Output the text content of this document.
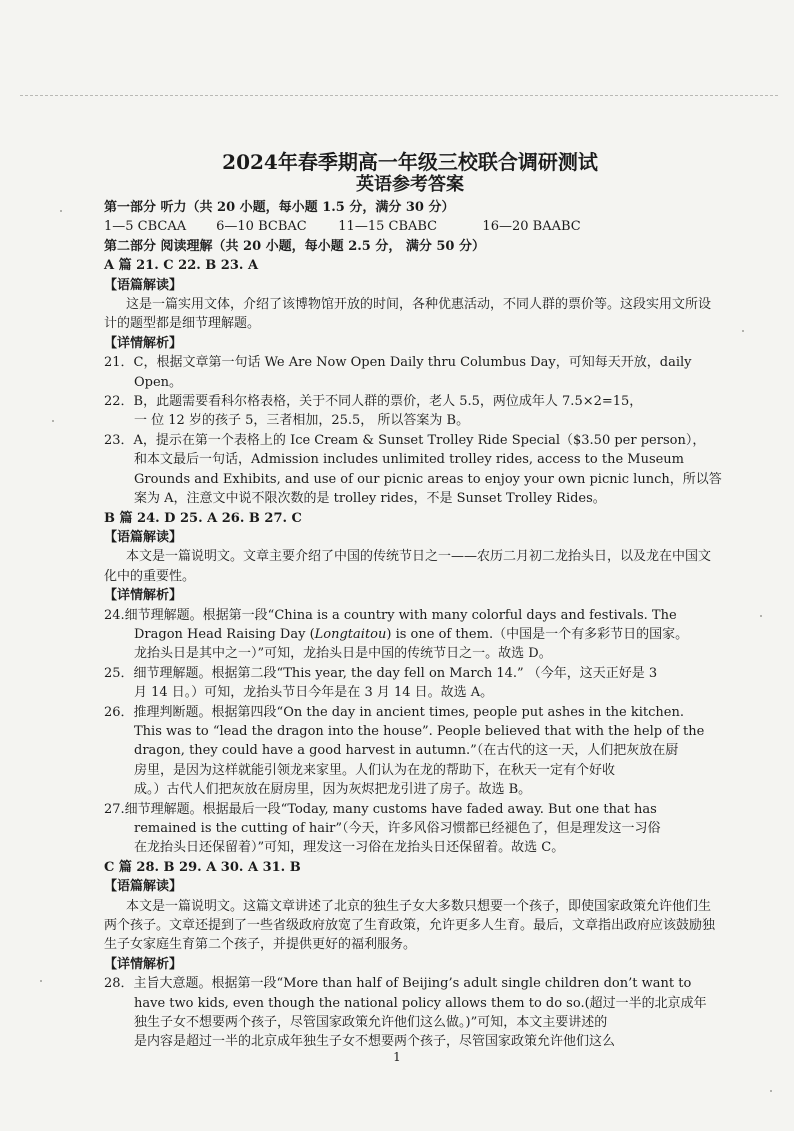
2024年春季期高一年级三校联合调研测试

英语参考答案

第一部分 听力（共 20 小题，每小题 1.5 分，满分 30 分）
1—5 CBCAA 6—10 BCBAC 11—15 CBABC	16—20 BAABC
第二部分 阅读理解（共 20 小题，每小题 2.5 分， 满分 50 分）
A 篇 21. C 22. B 23. A
【语篇解读】
这是一篇实用文体，介绍了该博物馆开放的时间，各种优惠活动，不同人群的票价等。这段实用文所设计的题型都是细节理解题。
【详情解析】
21．C，根据文章第一句话 We Are Now Open Daily thru Columbus Day，可知每天开放，daily
Open。
22．B，此题需要看科尔格表格，关于不同人群的票价，老人 5.5，两位成年人 7.5×2=15，
一 位 12 岁的孩子 5，三者相加，25.5， 所以答案为 B。
23．A，提示在第一个表格上的 Ice Cream & Sunset Trolley Ride Special（$3.50 per person），
和本文最后一句话，Admission includes unlimited trolley rides, access to the Museum
Grounds and Exhibits, and use of our picnic areas to enjoy your own picnic lunch，所以答
案为 A，注意文中说不限次数的是 trolley rides，不是 Sunset Trolley Rides。
B 篇 24. D 25. A 26. B 27. C
【语篇解读】
本文是一篇说明文。文章主要介绍了中国的传统节日之一——农历二月初二龙抬头日，以及龙在中国文化中的重要性。
【详情解析】
24.细节理解题。根据第一段“China is a country with many colorful days and festivals. The
Dragon Head Raising Day (Longtaitou) is one of them.（中国是一个有多彩节日的国家。
龙抬头日是其中之一）”可知，龙抬头日是中国的传统节日之一。故选 D。
25．细节理解题。根据第二段“This year, the day fell on March 14.” （今年，这天正好是 3
月 14 日。）可知，龙抬头节日今年是在 3 月 14 日。故选 A。
26．推理判断题。根据第四段“On the day in ancient times, people put ashes in the kitchen.
This was to “lead the dragon into the house”. People believed that with the help of the
dragon, they could have a good harvest in autumn.”（在古代的这一天，人们把灰放在厨
房里，是因为这样就能引领龙来家里。人们认为在龙的帮助下，在秋天一定有个好收
成。）古代人们把灰放在厨房里，因为灰烬把龙引进了房子。故选 B。
27.细节理解题。根据最后一段“Today, many customs have faded away. But one that has
remained is the cutting of hair”（今天，许多风俗习惯都已经褪色了，但是理发这一习俗
在龙抬头日还保留着）”可知，理发这一习俗在龙抬头日还保留着。故选 C。
C 篇 28. B 29. A 30. A 31. B
【语篇解读】
本文是一篇说明文。这篇文章讲述了北京的独生子女大多数只想要一个孩子，即使国家政策允许他们生两个孩子。文章还提到了一些省级政府放宽了生育政策，允许更多人生育。最后，文章指出政府应该鼓励独生子女家庭生育第二个孩子，并提供更好的福利服务。
【详情解析】
28．主旨大意题。根据第一段“More than half of Beijing’s adult single children don’t want to
have two kids, even though the national policy allows them to do so.(超过一半的北京成年
独生子女不想要两个孩子，尽管国家政策允许他们这么做。)”可知，本文主要讲述的
是内容是超过一半的北京成年独生子女不想要两个孩子，尽管国家政策允许他们这么
1
